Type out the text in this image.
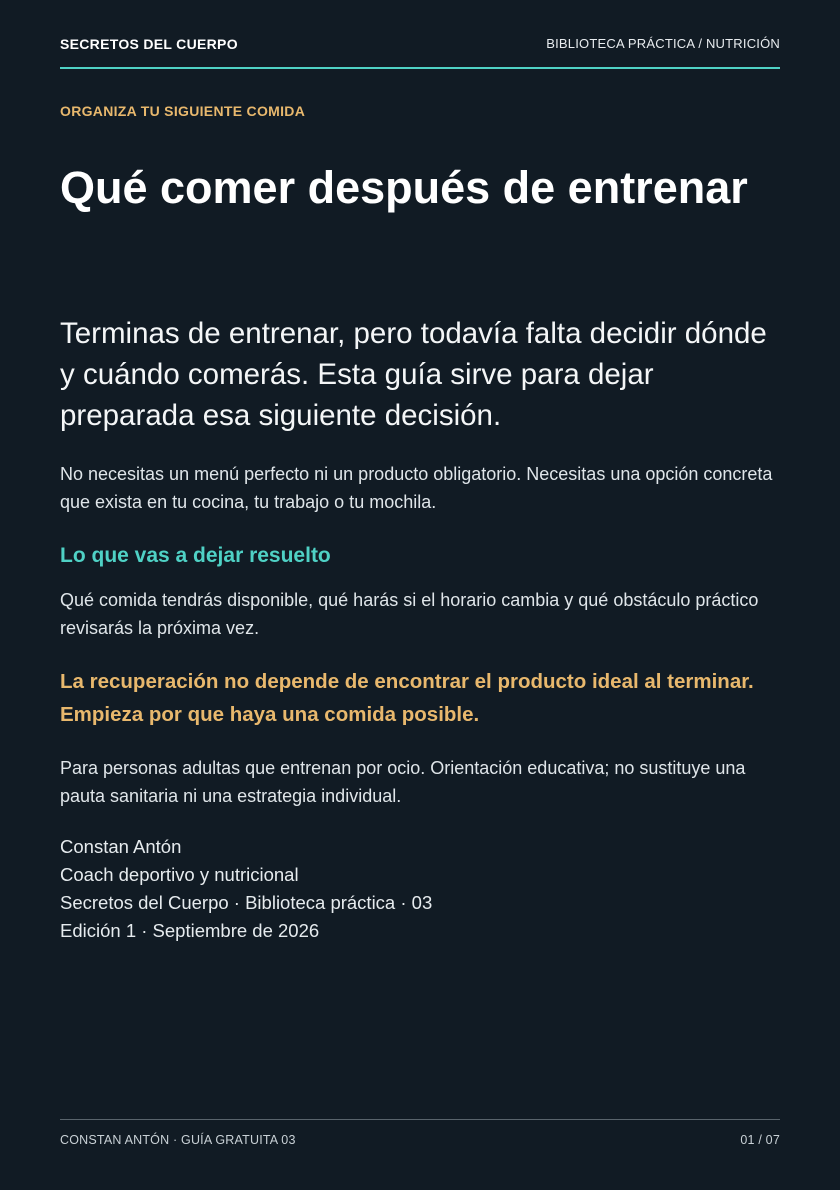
SECRETOS DEL CUERPO	BIBLIOTECA PRÁCTICA / NUTRICIÓN
ORGANIZA TU SIGUIENTE COMIDA
Qué comer después de entrenar

Terminas de entrenar, pero todavía falta decidir dónde y cuándo comerás. Esta guía sirve para dejar preparada esa siguiente decisión.

No necesitas un menú perfecto ni un producto obligatorio. Necesitas una opción concreta que exista en tu cocina, tu trabajo o tu mochila.

Lo que vas a dejar resuelto

Qué comida tendrás disponible, qué harás si el horario cambia y qué obstáculo práctico revisarás la próxima vez.

La recuperación no depende de encontrar el producto ideal al terminar. Empieza por que haya una comida posible.

Para personas adultas que entrenan por ocio. Orientación educativa; no sustituye una pauta sanitaria ni una estrategia individual.

Constan Antón
Coach deportivo y nutricional
Secretos del Cuerpo · Biblioteca práctica · 03
Edición 1 · Septiembre de 2026
CONSTAN ANTÓN · GUÍA GRATUITA 03	01 / 07
